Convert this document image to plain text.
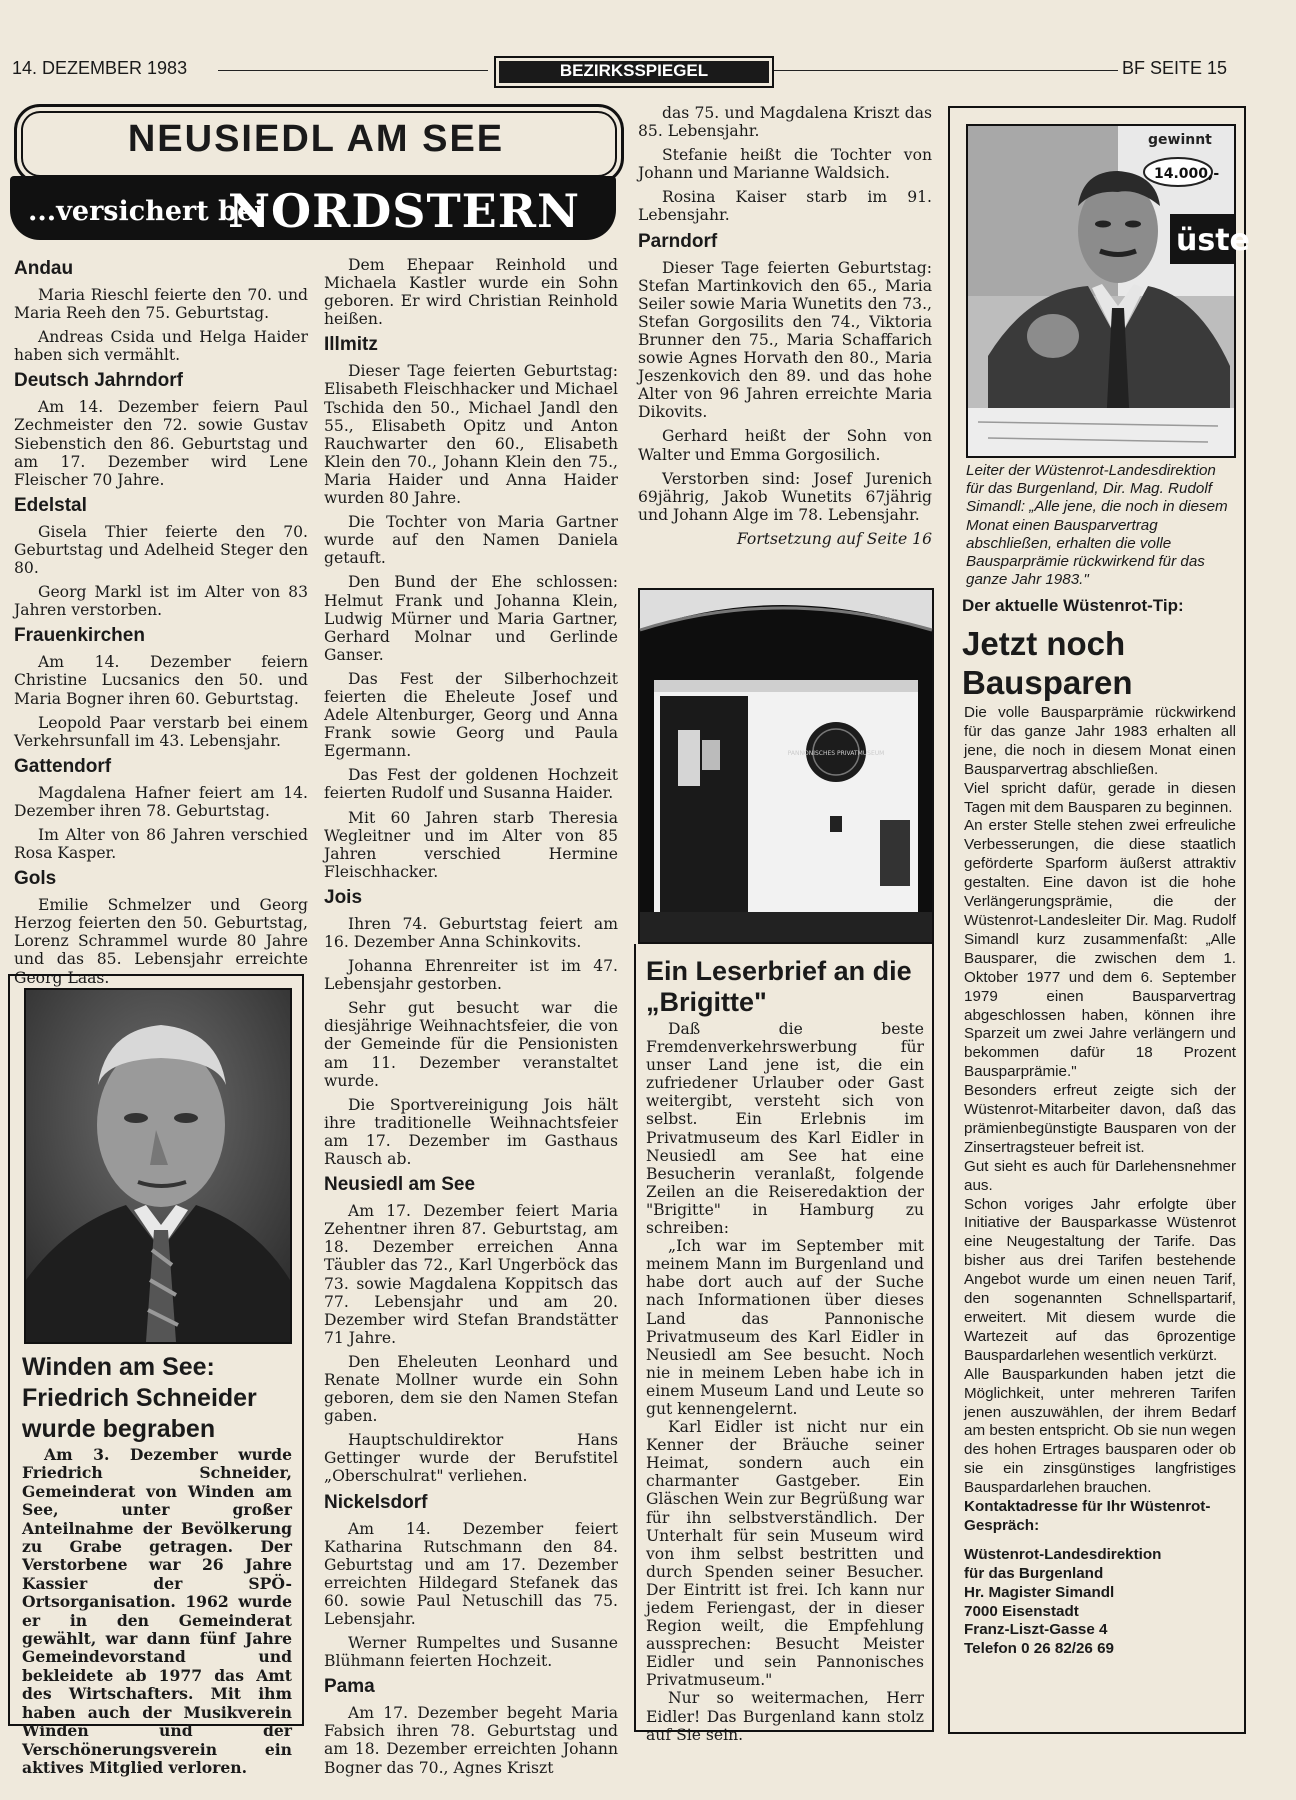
14. DEZEMBER 1983	BEZIRKSSPIEGEL	BF SEITE 15
NEUSIEDL AM SEE
...versichert bei
NORDSTERN
Andau

Maria Rieschl feierte den 70. und Maria Reeh den 75. Geburtstag.

Andreas Csida und Helga Haider haben sich vermählt.

Deutsch Jahrndorf

Am 14. Dezember feiern Paul Zechmeister den 72. sowie Gustav Siebenstich den 86. Geburtstag und am 17. Dezember wird Lene Fleischer 70 Jahre.

Edelstal

Gisela Thier feierte den 70. Geburtstag und Adelheid Steger den 80.

Georg Markl ist im Alter von 83 Jahren verstorben.

Frauenkirchen

Am 14. Dezember feiern Christine Lucsanics den 50. und Maria Bogner ihren 60. Geburtstag.

Leopold Paar verstarb bei einem Verkehrsunfall im 43. Lebensjahr.

Gattendorf

Magdalena Hafner feiert am 14. Dezember ihren 78. Geburtstag.

Im Alter von 86 Jahren verschied Rosa Kasper.

Gols

Emilie Schmelzer und Georg Herzog feierten den 50. Geburtstag, Lorenz Schrammel wurde 80 Jahre und das 85. Lebensjahr erreichte Georg Laas.

Dem Ehepaar Reinhold und Michaela Kastler wurde ein Sohn geboren. Er wird Christian Reinhold heißen.

Illmitz

Dieser Tage feierten Geburtstag: Elisabeth Fleischhacker und Michael Tschida den 50., Michael Jandl den 55., Elisabeth Opitz und Anton Rauchwarter den 60., Elisabeth Klein den 70., Johann Klein den 75., Maria Haider und Anna Haider wurden 80 Jahre.

Die Tochter von Maria Gartner wurde auf den Namen Daniela getauft.

Den Bund der Ehe schlossen: Helmut Frank und Johanna Klein, Ludwig Mürner und Maria Gartner, Gerhard Molnar und Gerlinde Ganser.

Das Fest der Silberhochzeit feierten die Eheleute Josef und Adele Altenburger, Georg und Anna Frank sowie Georg und Paula Egermann.

Das Fest der goldenen Hochzeit feierten Rudolf und Susanna Haider.

Mit 60 Jahren starb Theresia Wegleitner und im Alter von 85 Jahren verschied Hermine Fleischhacker.

Jois

Ihren 74. Geburtstag feiert am 16. Dezember Anna Schinkovits.

Johanna Ehrenreiter ist im 47. Lebensjahr gestorben.

Sehr gut besucht war die diesjährige Weihnachtsfeier, die von der Gemeinde für die Pensionisten am 11. Dezember veranstaltet wurde.

Die Sportvereinigung Jois hält ihre traditionelle Weihnachtsfeier am 17. Dezember im Gasthaus Rausch ab.

Neusiedl am See

Am 17. Dezember feiert Maria Zehentner ihren 87. Geburtstag, am 18. Dezember erreichen Anna Täubler das 72., Karl Ungerböck das 73. sowie Magdalena Koppitsch das 77. Lebensjahr und am 20. Dezember wird Stefan Brandstätter 71 Jahre.

Den Eheleuten Leonhard und Renate Mollner wurde ein Sohn geboren, dem sie den Namen Stefan gaben.

Hauptschuldirektor Hans Gettinger wurde der Berufstitel „Oberschulrat" verliehen.

Nickelsdorf

Am 14. Dezember feiert Katharina Rutschmann den 84. Geburtstag und am 17. Dezember erreichten Hildegard Stefanek das 60. sowie Paul Netuschill das 75. Lebensjahr.

Werner Rumpeltes und Susanne Blühmann feierten Hochzeit.

Pama

Am 17. Dezember begeht Maria Fabsich ihren 78. Geburtstag und am 18. Dezember erreichten Johann Bogner das 70., Agnes Kriszt

das 75. und Magdalena Kriszt das 85. Lebensjahr.

Stefanie heißt die Tochter von Johann und Marianne Waldsich.

Rosina Kaiser starb im 91. Lebensjahr.

Parndorf

Dieser Tage feierten Geburtstag: Stefan Martinkovich den 65., Maria Seiler sowie Maria Wunetits den 73., Stefan Gorgosilits den 74., Viktoria Brunner den 75., Maria Schaffarich sowie Agnes Horvath den 80., Maria Jeszenkovich den 89. und das hohe Alter von 96 Jahren erreichte Maria Dikovits.

Gerhard heißt der Sohn von Walter und Emma Gorgosilich.

Verstorben sind: Josef Jurenich 69jährig, Jakob Wunetits 67jährig und Johann Alge im 78. Lebensjahr.

Fortsetzung auf Seite 16

Winden am See: Friedrich Schneider wurde begraben
Am 3. Dezember wurde Friedrich Schneider, Gemeinderat von Winden am See, unter großer Anteilnahme der Bevölkerung zu Grabe getragen. Der Verstorbene war 26 Jahre Kassier der SPÖ-Ortsorganisation. 1962 wurde er in den Gemeinderat gewählt, war dann fünf Jahre Gemeindevorstand und bekleidete ab 1977 das Amt des Wirtschafters. Mit ihm haben auch der Musikverein Winden und der Verschönerungsverein ein aktives Mitglied verloren.
PANNONISCHES PRIVATMUSEUM
Ein Leserbrief an die „Brigitte"

Daß die beste Fremdenverkehrswerbung für unser Land jene ist, die ein zufriedener Urlauber oder Gast weitergibt, versteht sich von selbst. Ein Erlebnis im Privatmuseum des Karl Eidler in Neusiedl am See hat eine Besucherin veranlaßt, folgende Zeilen an die Reiseredaktion der "Brigitte" in Hamburg zu schreiben:

„Ich war im September mit meinem Mann im Burgenland und habe dort auch auf der Suche nach Informationen über dieses Land das Pannonische Privatmuseum des Karl Eidler in Neusiedl am See besucht. Noch nie in meinem Leben habe ich in einem Museum Land und Leute so gut kennengelernt.

Karl Eidler ist nicht nur ein Kenner der Bräuche seiner Heimat, sondern auch ein charmanter Gastgeber. Ein Gläschen Wein zur Begrüßung war für ihn selbstverständlich. Der Unterhalt für sein Museum wird von ihm selbst bestritten und durch Spenden seiner Besucher. Der Eintritt ist frei. Ich kann nur jedem Feriengast, der in dieser Region weilt, die Empfehlung aussprechen: Besucht Meister Eidler und sein Pannonisches Privatmuseum."

Nur so weitermachen, Herr Eidler! Das Burgenland kann stolz auf Sie sein.

gewinnt
14.000,-
üste
Leiter der Wüstenrot-Landesdirektion für das Burgenland, Dir. Mag. Rudolf Simandl: „Alle jene, die noch in diesem Monat einen Bausparvertrag abschließen, erhalten die volle Bausparprämie rückwirkend für das ganze Jahr 1983."
Der aktuelle Wüstenrot-Tip:
Jetzt noch Bausparen

Die volle Bausparprämie rückwirkend für das ganze Jahr 1983 erhalten all jene, die noch in diesem Monat einen Bausparvertrag abschließen.

Viel spricht dafür, gerade in diesen Tagen mit dem Bausparen zu beginnen.

An erster Stelle stehen zwei erfreuliche Verbesserungen, die diese staatlich geförderte Sparform äußerst attraktiv gestalten. Eine davon ist die hohe Verlängerungsprämie, die der Wüstenrot-Landesleiter Dir. Mag. Rudolf Simandl kurz zusammenfaßt: „Alle Bausparer, die zwischen dem 1. Oktober 1977 und dem 6. September 1979 einen Bausparvertrag abgeschlossen haben, können ihre Sparzeit um zwei Jahre verlängern und bekommen dafür 18 Prozent Bausparprämie."

Besonders erfreut zeigte sich der Wüstenrot-Mitarbeiter davon, daß das prämienbegünstigte Bausparen von der Zinsertragsteuer befreit ist.

Gut sieht es auch für Darlehensnehmer aus.

Schon voriges Jahr erfolgte über Initiative der Bausparkasse Wüstenrot eine Neugestaltung der Tarife. Das bisher aus drei Tarifen bestehende Angebot wurde um einen neuen Tarif, den sogenannten Schnellspartarif, erweitert. Mit diesem wurde die Wartezeit auf das 6prozentige Bauspardarlehen wesentlich verkürzt.

Alle Bausparkunden haben jetzt die Möglichkeit, unter mehreren Tarifen jenen auszuwählen, der ihrem Bedarf am besten entspricht. Ob sie nun wegen des hohen Ertrages bausparen oder ob sie ein zinsgünstiges langfristiges Bauspardarlehen brauchen.

Kontaktadresse für Ihr Wüstenrot-Gespräch:
Wüstenrot-Landesdirektion
für das Burgenland
Hr. Magister Simandl
7000 Eisenstadt
Franz-Liszt-Gasse 4
Telefon 0 26 82/26 69
